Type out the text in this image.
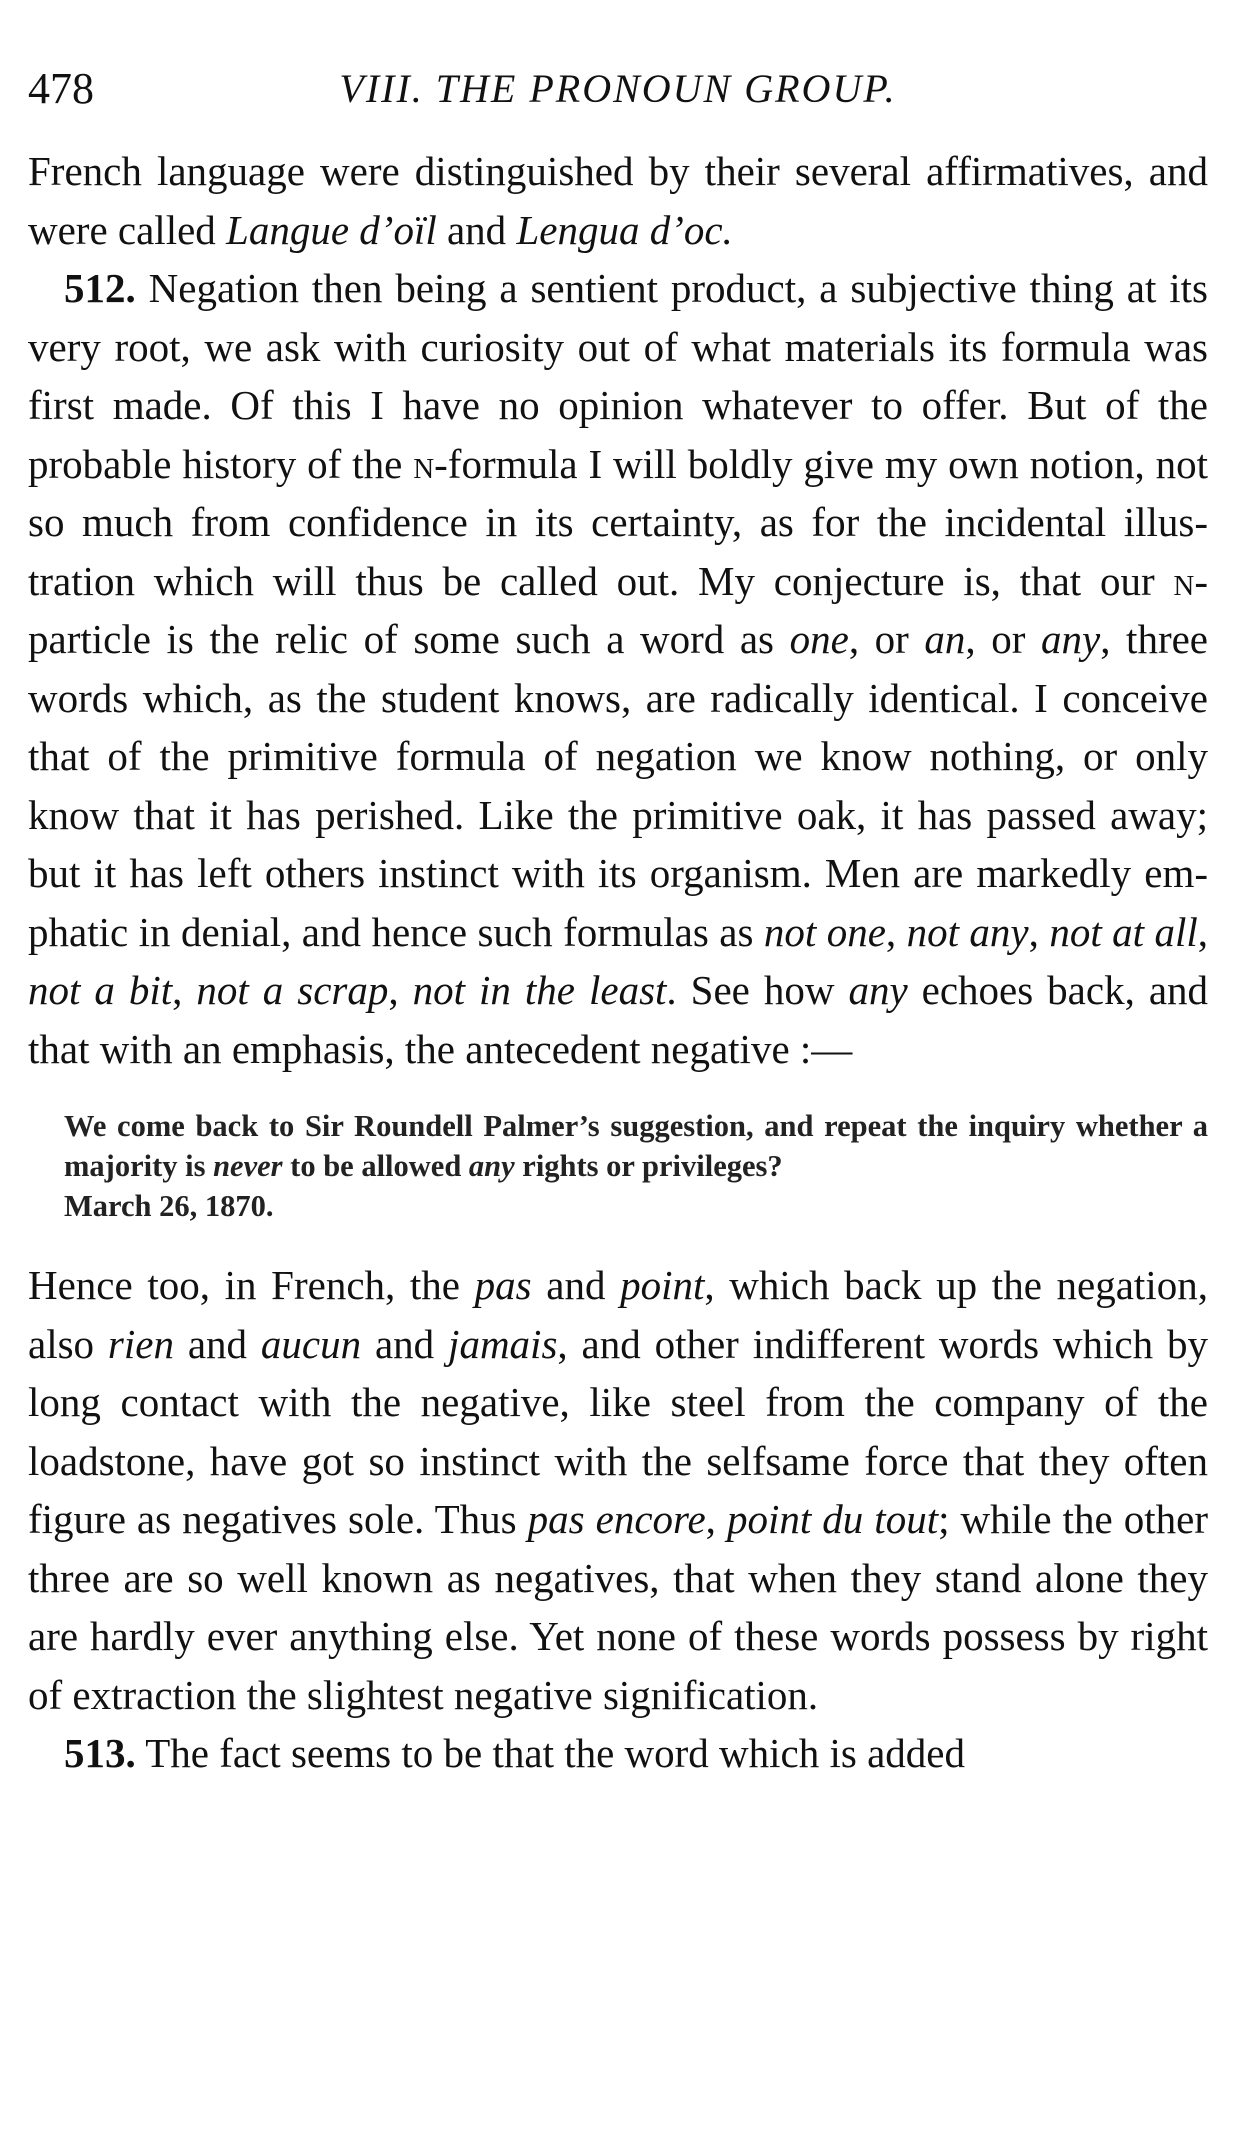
478	VIII. THE PRONOUN GROUP.

French language were distinguished by their several affirmatives, and were called Langue d’oïl and Lengua d’oc.

512. Negation then being a sentient product, a subjective thing at its very root, we ask with curiosity out of what materials its formula was first made. Of this I have no opinion whatever to offer. But of the probable history of the n-formula I will boldly give my own notion, not so much from confidence in its certainty, as for the incidental illustration which will thus be called out. My conjecture is, that our n-particle is the relic of some such a word as one, or an, or any, three words which, as the student knows, are radically identical. I conceive that of the primitive formula of negation we know nothing, or only know that it has perished. Like the primitive oak, it has passed away; but it has left others instinct with its organism. Men are markedly emphatic in denial, and hence such formulas as not one, not any, not at all, not a bit, not a scrap, not in the least. See how any echoes back, and that with an emphasis, the antecedent negative :—

We come back to Sir Roundell Palmer’s suggestion, and repeat the inquiry whether a majority is never to be allowed any rights or privileges?
March 26, 1870.

Hence too, in French, the pas and point, which back up the negation, also rien and aucun and jamais, and other indifferent words which by long contact with the negative, like steel from the company of the loadstone, have got so instinct with the selfsame force that they often figure as negatives sole. Thus pas encore, point du tout; while the other three are so well known as negatives, that when they stand alone they are hardly ever anything else. Yet none of these words possess by right of extraction the slightest negative signification.

513. The fact seems to be that the word which is added
